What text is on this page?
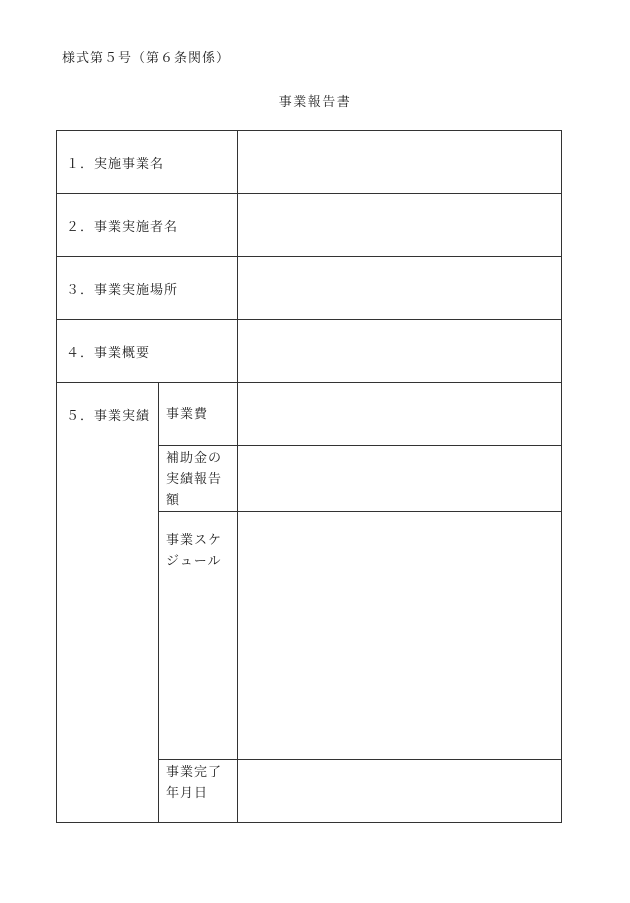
様式第５号（第６条関係）
事業報告書
１．実施事業名		
２．事業実施者名		
３．事業実施場所		
４．事業概要		
５．事業実績	事業費	

	補助金の
実績報告
額	

	事業スケ
ジュール	

	事業完了
年月日	
